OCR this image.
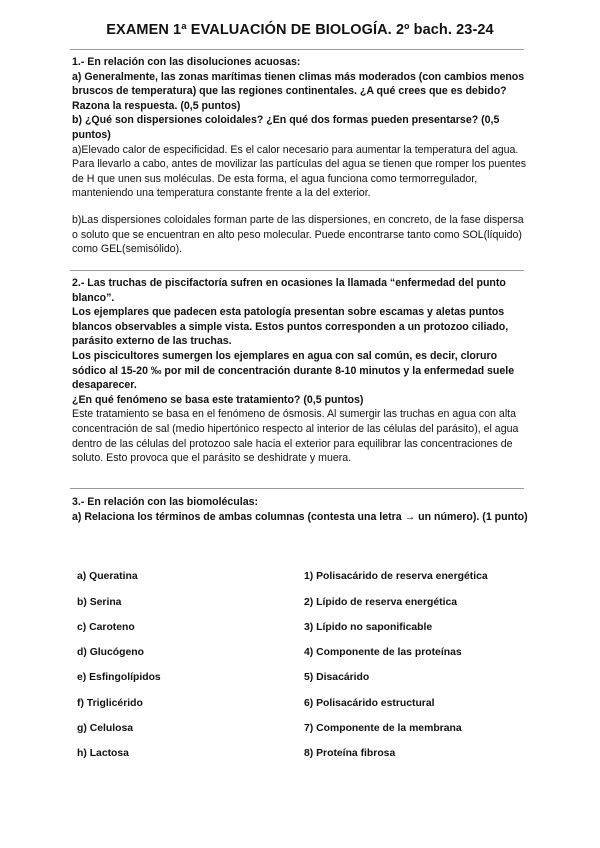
EXAMEN 1ª EVALUACIÓN DE BIOLOGÍA. 2º bach. 23-24

1.- En relación con las disoluciones acuosas:

a) Generalmente, las zonas marítimas tienen climas más moderados (con cambios menos bruscos de temperatura) que las regiones continentales. ¿A qué crees que es debido? Razona la respuesta. (0,5 puntos)

b) ¿Qué son dispersiones coloidales? ¿En qué dos formas pueden presentarse? (0,5 puntos)

a)Elevado calor de especificidad. Es el calor necesario para aumentar la temperatura del agua. Para llevarlo a cabo, antes de movilizar las partículas del agua se tienen que romper los puentes de H que unen sus moléculas. De esta forma, el agua funciona como termorregulador, manteniendo una temperatura constante frente a la del exterior.

b)Las dispersiones coloidales forman parte de las dispersiones, en concreto, de la fase dispersa o soluto que se encuentran en alto peso molecular. Puede encontrarse tanto como SOL(líquido) como GEL(semisólido).

2.- Las truchas de piscifactoría sufren en ocasiones la llamada “enfermedad del punto blanco”.

Los ejemplares que padecen esta patología presentan sobre escamas y aletas puntos blancos observables a simple vista. Estos puntos corresponden a un protozoo ciliado, parásito externo de las truchas.

Los piscicultores sumergen los ejemplares en agua con sal común, es decir, cloruro sódico al 15-20 ‰ por mil de concentración durante 8-10 minutos y la enfermedad suele desaparecer.

¿En qué fenómeno se basa este tratamiento? (0,5 puntos)

Este tratamiento se basa en el fenómeno de ósmosis. Al sumergir las truchas en agua con alta concentración de sal (medio hipertónico respecto al interior de las células del parásito), el agua dentro de las células del protozoo sale hacia el exterior para equilibrar las concentraciones de soluto. Esto provoca que el parásito se deshidrate y muera.

3.- En relación con las biomoléculas:

a) Relaciona los términos de ambas columnas (contesta una letra → un número). (1 punto)

a) Queratina
b) Serina
c) Caroteno
d) Glucógeno
e) Esfingolípidos
f) Triglicérido
g) Celulosa
h) Lactosa
1) Polisacárido de reserva energética
2) Lípido de reserva energética
3) Lípido no saponificable
4) Componente de las proteínas
5) Disacárido
6) Polisacárido estructural
7) Componente de la membrana
8) Proteína fibrosa
